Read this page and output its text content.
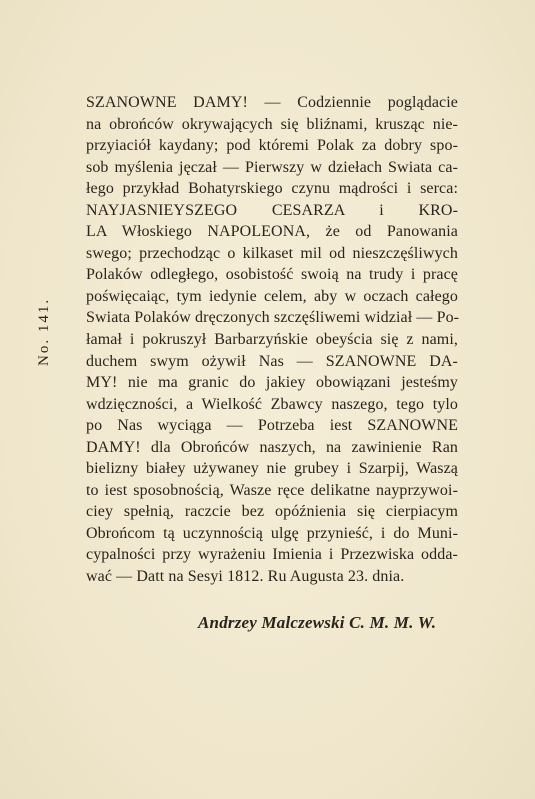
No. 141.
SZANOWNE DAMY! — Codziennie poglądacie
na obrońców okrywających się bliźnami, krusząc nie-
przyiaciół kaydany; pod któremi Polak za dobry spo-
sob myślenia jęczał — Pierwszy w dziełach Swiata ca-
łego przykład Bohatyrskiego czynu mądrości i serca:
NAYJASNIEYSZEGO CESARZA i KRO-
LA Włoskiego NAPOLEONA, że od Panowania
swego; przechodząc o kilkaset mil od nieszczęśliwych
Polaków odległego, osobistość swoią na trudy i pracę
poświęcaiąc, tym iedynie celem, aby w oczach całego
Swiata Polaków dręczonych szczęśliwemi widział — Po-
łamał i pokruszył Barbarzyńskie obeyścia się z nami,
duchem swym ożywił Nas — SZANOWNE DA-
MY! nie ma granic do jakiey obowiązani jesteśmy
wdzięczności, a Wielkość Zbawcy naszego, tego tylo
po Nas wyciąga — Potrzeba iest SZANOWNE
DAMY! dla Obrońców naszych, na zawinienie Ran
bielizny białey używaney nie grubey i Szarpij, Waszą
to iest sposobnością, Wasze ręce delikatne nayprzywoi-
ciey spełnią, raczcie bez opóźnienia się cierpiacym
Obrońcom tą uczynnością ulgę przynieść, i do Muni-
cypalności przy wyrażeniu Imienia i Przezwiska odda-
wać — Datt na Sesyi 1812. Ru Augusta 23. dnia.
Andrzey Malczewski C. M. M. W.
